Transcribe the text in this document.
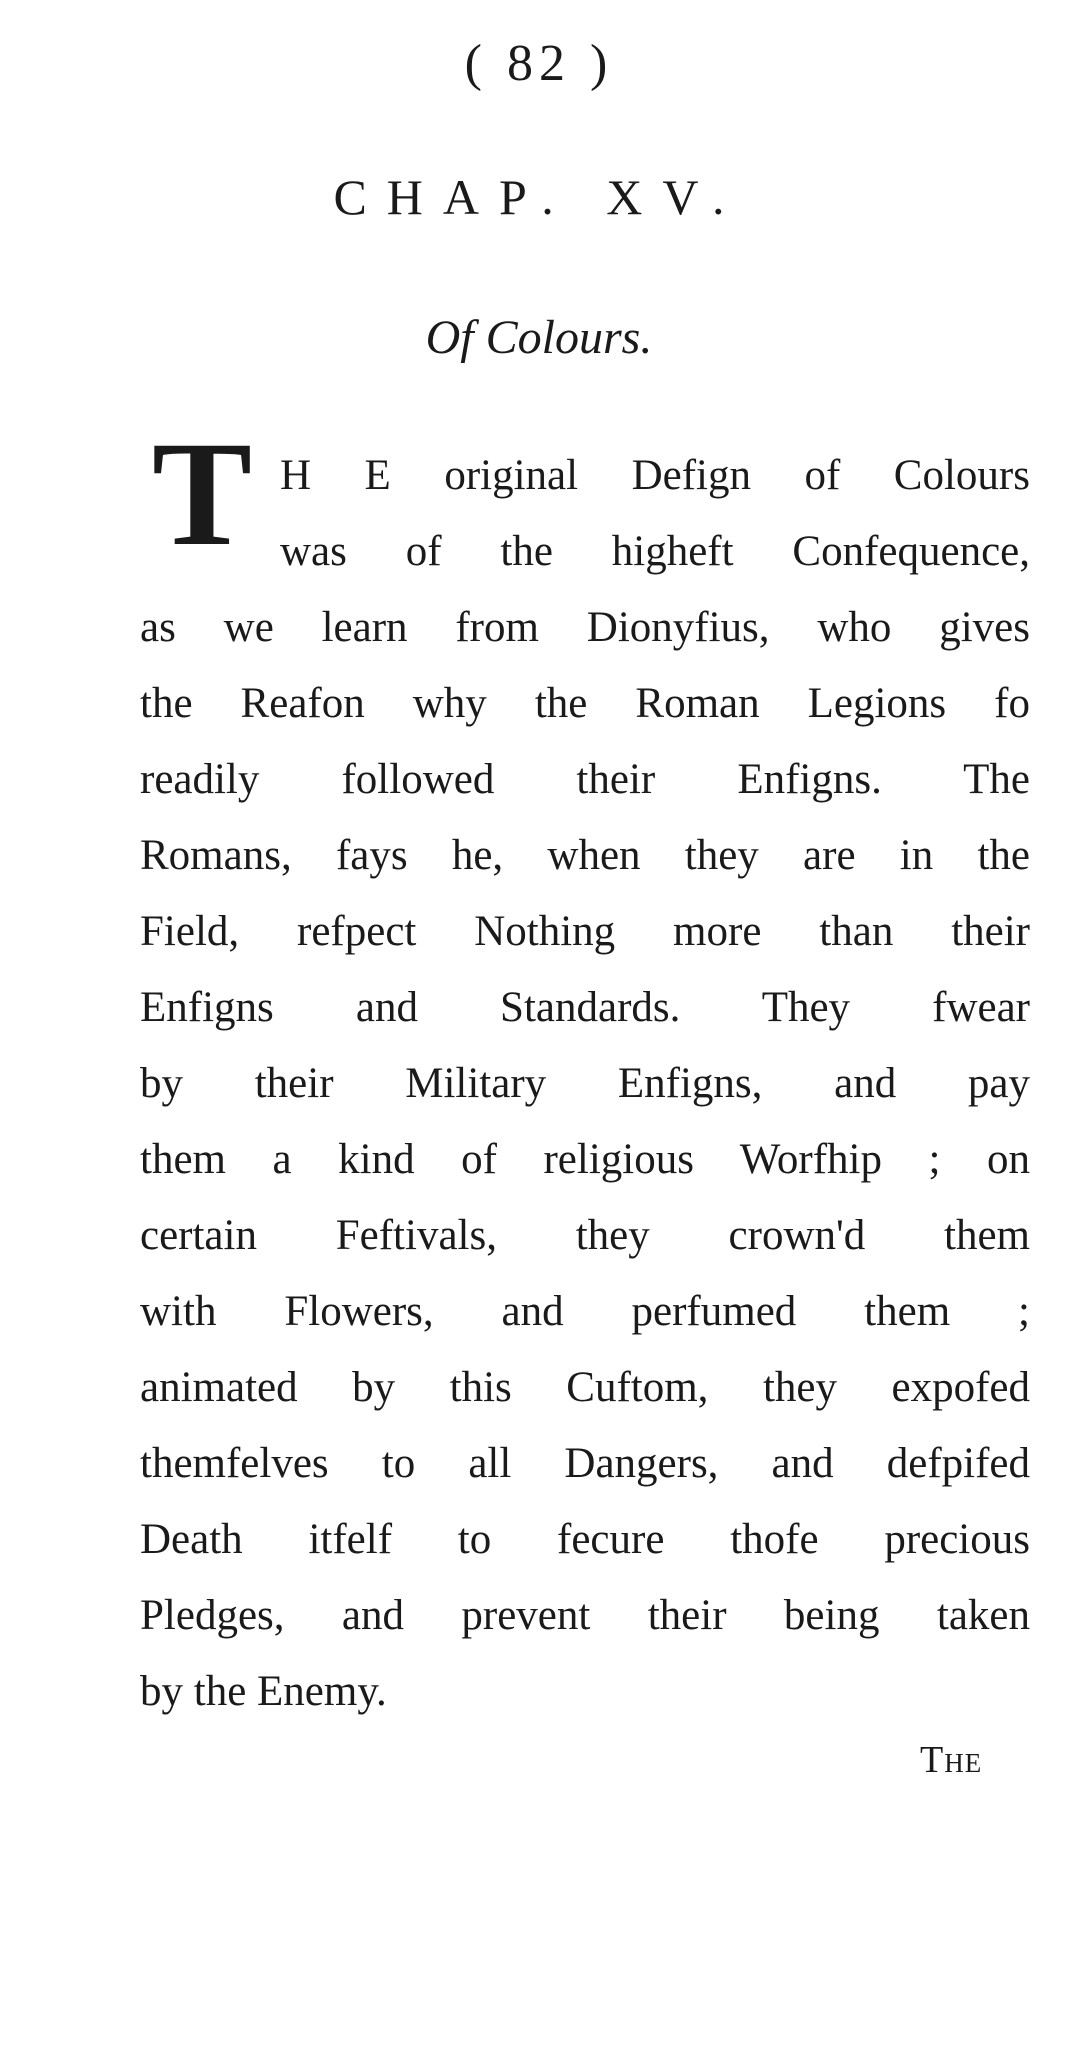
( 82 )
CHAP. XV.
Of Colours.
T H E original Defign of Colours
was of the higheft Confequence,
as we learn from Dionyfius, who gives
the Reafon why the Roman Legions fo
readily followed their Enfigns. The
Romans, fays he, when they are in the
Field, refpect Nothing more than their
Enfigns and Standards. They fwear
by their Military Enfigns, and pay
them a kind of religious Worfhip ; on
certain Feftivals, they crown'd them
with Flowers, and perfumed them ;
animated by this Cuftom, they expofed
themfelves to all Dangers, and defpifed
Death itfelf to fecure thofe precious
Pledges, and prevent their being taken
by the Enemy.
The
